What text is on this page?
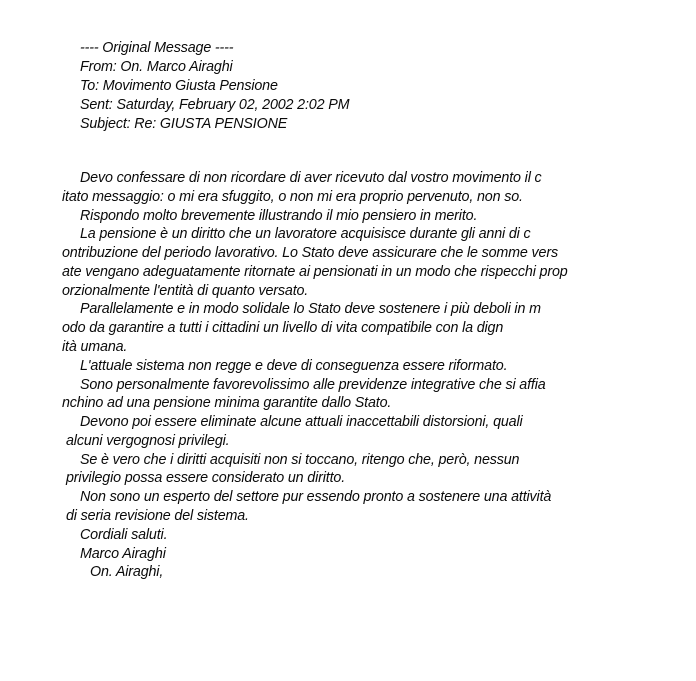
---- Original Message ----
From: On. Marco Airaghi
To: Movimento Giusta Pensione
Sent: Saturday, February 02, 2002 2:02 PM
Subject: Re: GIUSTA PENSIONE
Devo confessare di non ricordare di aver ricevuto dal vostro movimento il c
itato messaggio: o mi era sfuggito, o non mi era proprio pervenuto, non so.
Rispondo molto brevemente illustrando il mio pensiero in merito.
La pensione è un diritto che un lavoratore acquisisce durante gli anni di c
ontribuzione del periodo lavorativo. Lo Stato deve assicurare che le somme vers
ate vengano adeguatamente ritornate ai pensionati in un modo che rispecchi prop
orzionalmente l'entità di quanto versato.
Parallelamente e in modo solidale lo Stato deve sostenere i più deboli in m
odo da garantire a tutti i cittadini un livello di vita compatibile con la dign
ità umana.
L'attuale sistema non regge e deve di conseguenza essere riformato.
Sono personalmente favorevolissimo alle previdenze integrative che si affia
nchino ad una pensione minima garantite dallo Stato.
Devono poi essere eliminate alcune attuali inaccettabili distorsioni, quali
alcuni vergognosi privilegi.
Se è vero che i diritti acquisiti non si toccano, ritengo che, però, nessun
privilegio possa essere considerato un diritto.
Non sono un esperto del settore pur essendo pronto a sostenere una attività
di seria revisione del sistema.
Cordiali saluti.
Marco Airaghi
On. Airaghi,
